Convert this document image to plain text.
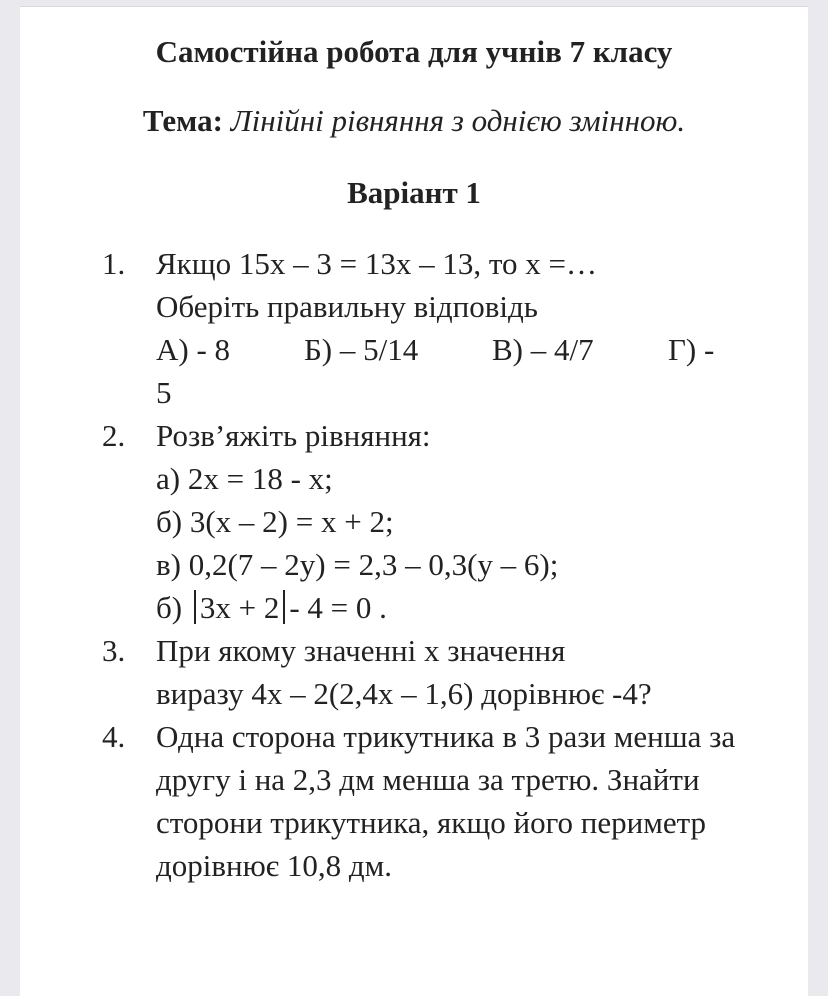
Самостійна робота для учнів 7 класу
Тема: Лінійні рівняння з однією змінною.
Варіант 1
1. Якщо 15х – 3 = 13х – 13, то х =…
Оберіть правильну відповідь
А) - 8 Б) – 5/14 В) – 4/7 Г) -
5
2. Розв’яжіть рівняння:
а) 2х = 18 - х;
б) 3(х – 2) = х + 2;
в) 0,2(7 – 2у) = 2,3 – 0,3(у – 6);
б) 3х + 2 - 4 = 0 .
3. При якому значенні х значення
виразу 4х – 2(2,4х – 1,6) дорівнює -4?
4. Одна сторона трикутника в 3 рази менша за другу і на 2,3 дм менша за третю. Знайти сторони трикутника, якщо його периметр дорівнює 10,8 дм.
